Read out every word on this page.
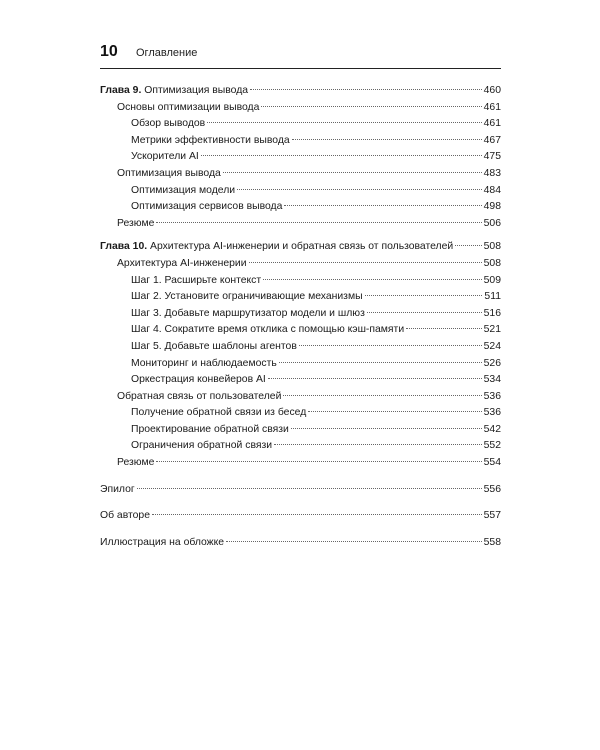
10 Оглавление
Глава 9. Оптимизация вывода	460
Основы оптимизации вывода	461
Обзор выводов	461
Метрики эффективности вывода	467
Ускорители AI	475
Оптимизация вывода	483
Оптимизация модели	484
Оптимизация сервисов вывода	498
Резюме	506
Глава 10. Архитектура AI-инженерии и обратная связь от пользователей	508
Архитектура AI-инженерии	508
Шаг 1. Расширьте контекст	509
Шаг 2. Установите ограничивающие механизмы	511
Шаг 3. Добавьте маршрутизатор модели и шлюз	516
Шаг 4. Сократите время отклика с помощью кэш-памяти	521
Шаг 5. Добавьте шаблоны агентов	524
Мониторинг и наблюдаемость	526
Оркестрация конвейеров AI	534
Обратная связь от пользователей	536
Получение обратной связи из бесед	536
Проектирование обратной связи	542
Ограничения обратной связи	552
Резюме	554
Эпилог	556
Об авторе	557
Иллюстрация на обложке	558
